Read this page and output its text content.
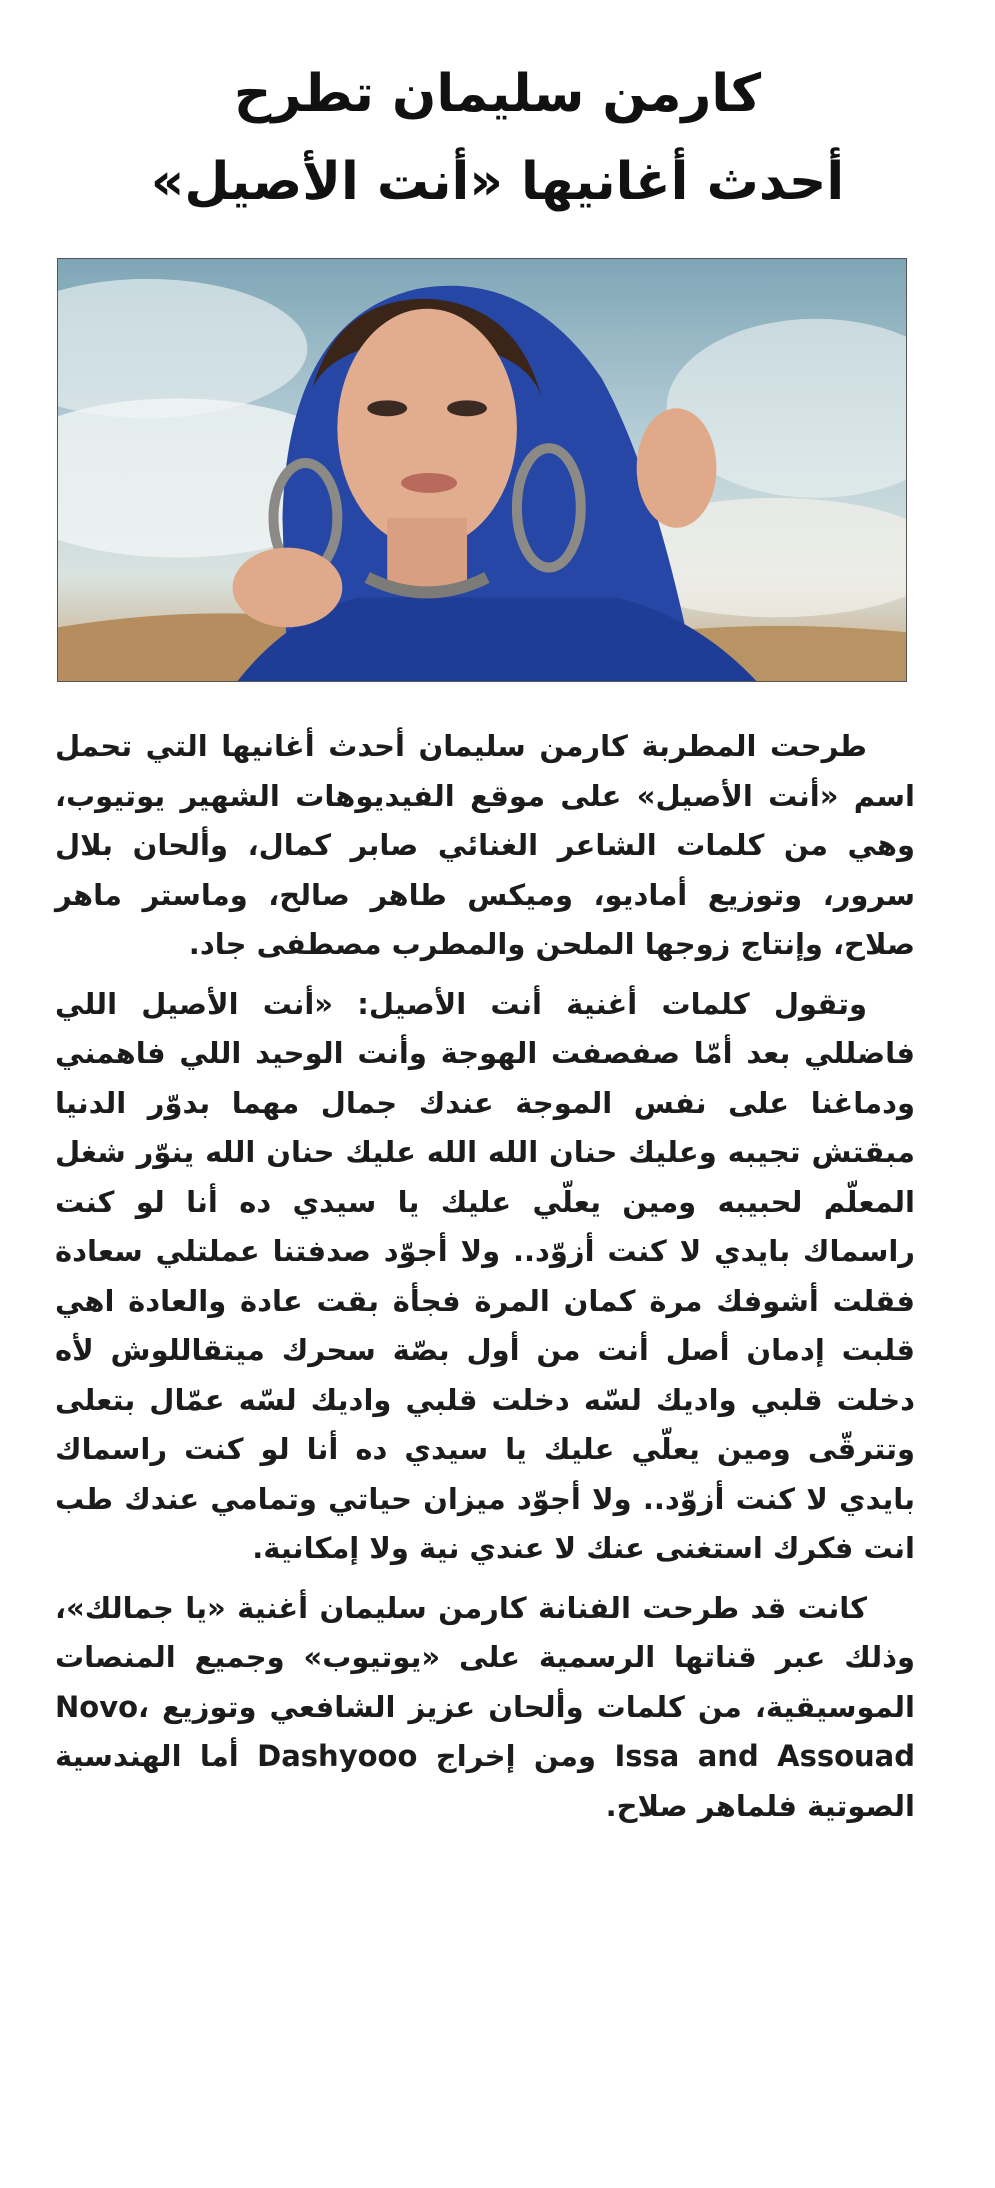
كارمن سليمان تطرح
أحدث أغانيها «أنت الأصيل»

طرحت المطربة كارمن سليمان أحدث أغانيها التي تحمل اسم «أنت الأصيل» على موقع الفيديوهات الشهير يوتيوب، وهي من كلمات الشاعر الغنائي صابر كمال، وألحان بلال سرور، وتوزيع أماديو، وميكس طاهر صالح، وماستر ماهر صلاح، وإنتاج زوجها الملحن والمطرب مصطفى جاد.

وتقول كلمات أغنية أنت الأصيل: «أنت الأصيل اللي فاضللي بعد أمّا صفصفت الهوجة وأنت الوحيد اللي فاهمني ودماغنا على نفس الموجة عندك جمال مهما بدوّر الدنيا مبقتش تجيبه وعليك حنان الله الله عليك حنان الله ينوّر شغل المعلّم لحبيبه ومين يعلّي عليك يا سيدي ده أنا لو كنت راسماك بايدي لا كنت أزوّد.. ولا أجوّد صدفتنا عملتلي سعادة فقلت أشوفك مرة كمان المرة فجأة بقت عادة والعادة اهي قلبت إدمان أصل أنت من أول بصّة سحرك ميتقاللوش لأه دخلت قلبي واديك لسّه دخلت قلبي واديك لسّه عمّال بتعلى وتترقّى ومين يعلّي عليك يا سيدي ده أنا لو كنت راسماك بايدي لا كنت أزوّد.. ولا أجوّد ميزان حياتي وتمامي عندك طب انت فكرك استغنى عنك لا عندي نية ولا إمكانية.

كانت قد طرحت الفنانة كارمن سليمان أغنية «يا جمالك»، وذلك عبر قناتها الرسمية على «يوتيوب» وجميع المنصات الموسيقية، من كلمات وألحان عزيز الشافعي وتوزيع Novo، Issa and Assouad ومن إخراج Dashyooo أما الهندسية الصوتية فلماهر صلاح.
